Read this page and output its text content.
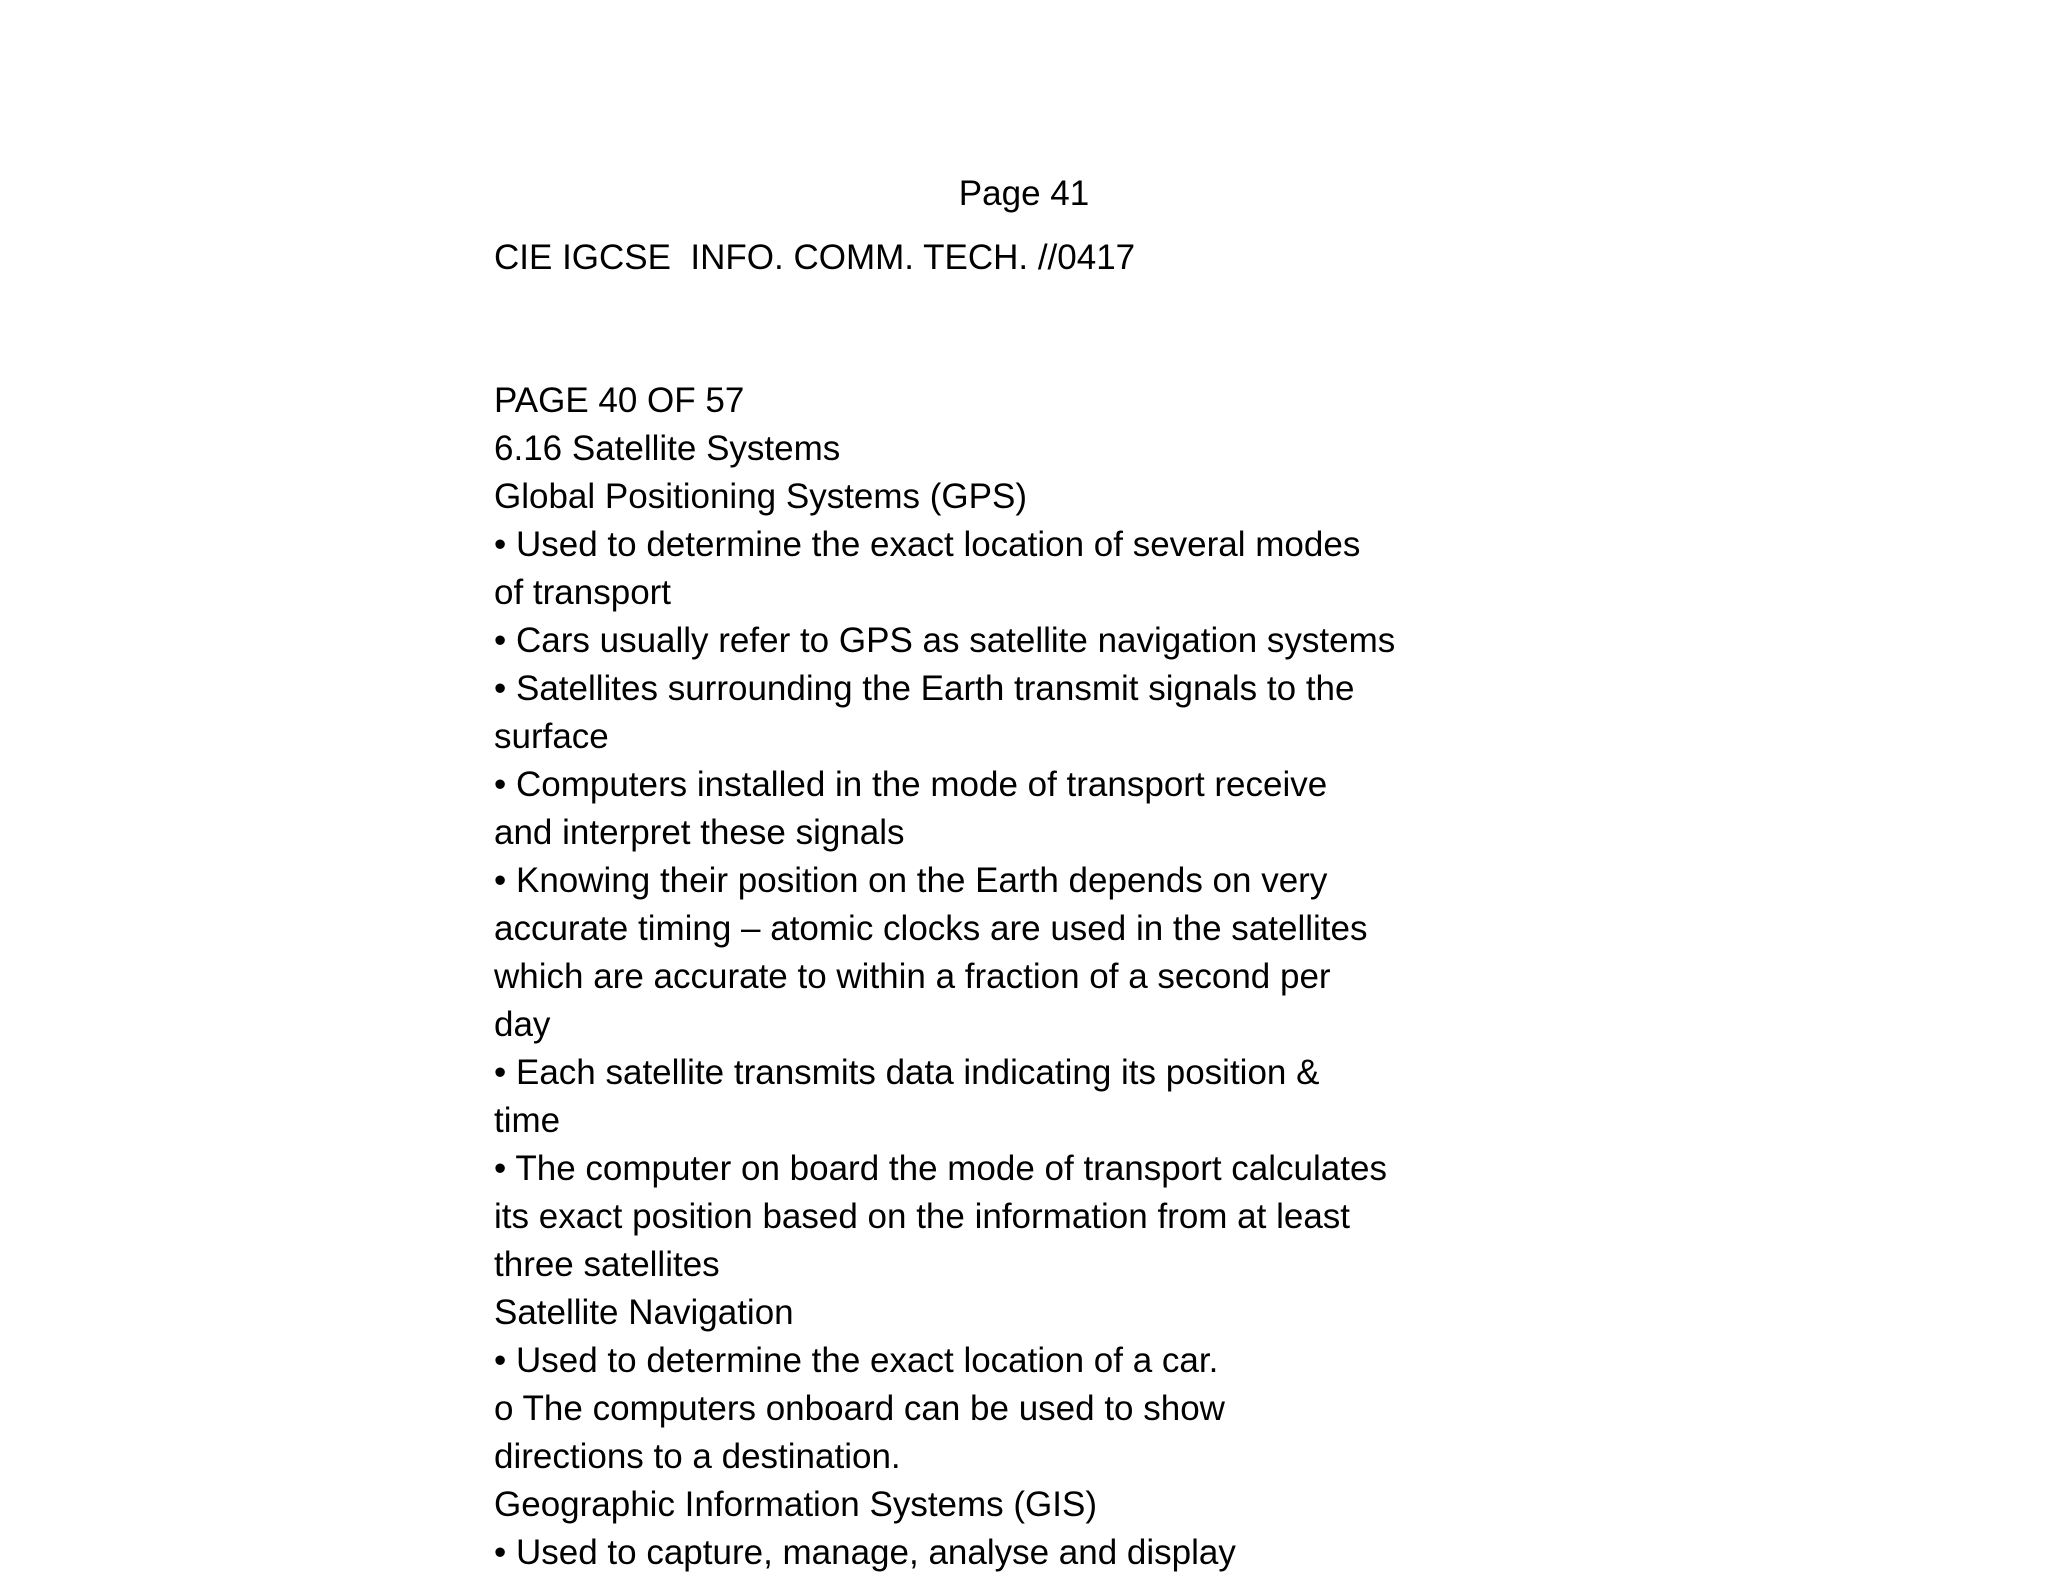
Page 41
CIE IGCSE  INFO. COMM. TECH. //0417
PAGE 40 OF 57
6.16 Satellite Systems
Global Positioning Systems (GPS)
• Used to determine the exact location of several modes
of transport
• Cars usually refer to GPS as satellite navigation systems
• Satellites surrounding the Earth transmit signals to the
surface
• Computers installed in the mode of transport receive
and interpret these signals
• Knowing their position on the Earth depends on very
accurate timing – atomic clocks are used in the satellites
which are accurate to within a fraction of a second per
day
• Each satellite transmits data indicating its position &
time
• The computer on board the mode of transport calculates
its exact position based on the information from at least
three satellites
Satellite Navigation
• Used to determine the exact location of a car.
o The computers onboard can be used to show
directions to a destination.
Geographic Information Systems (GIS)
• Used to capture, manage, analyse and display
